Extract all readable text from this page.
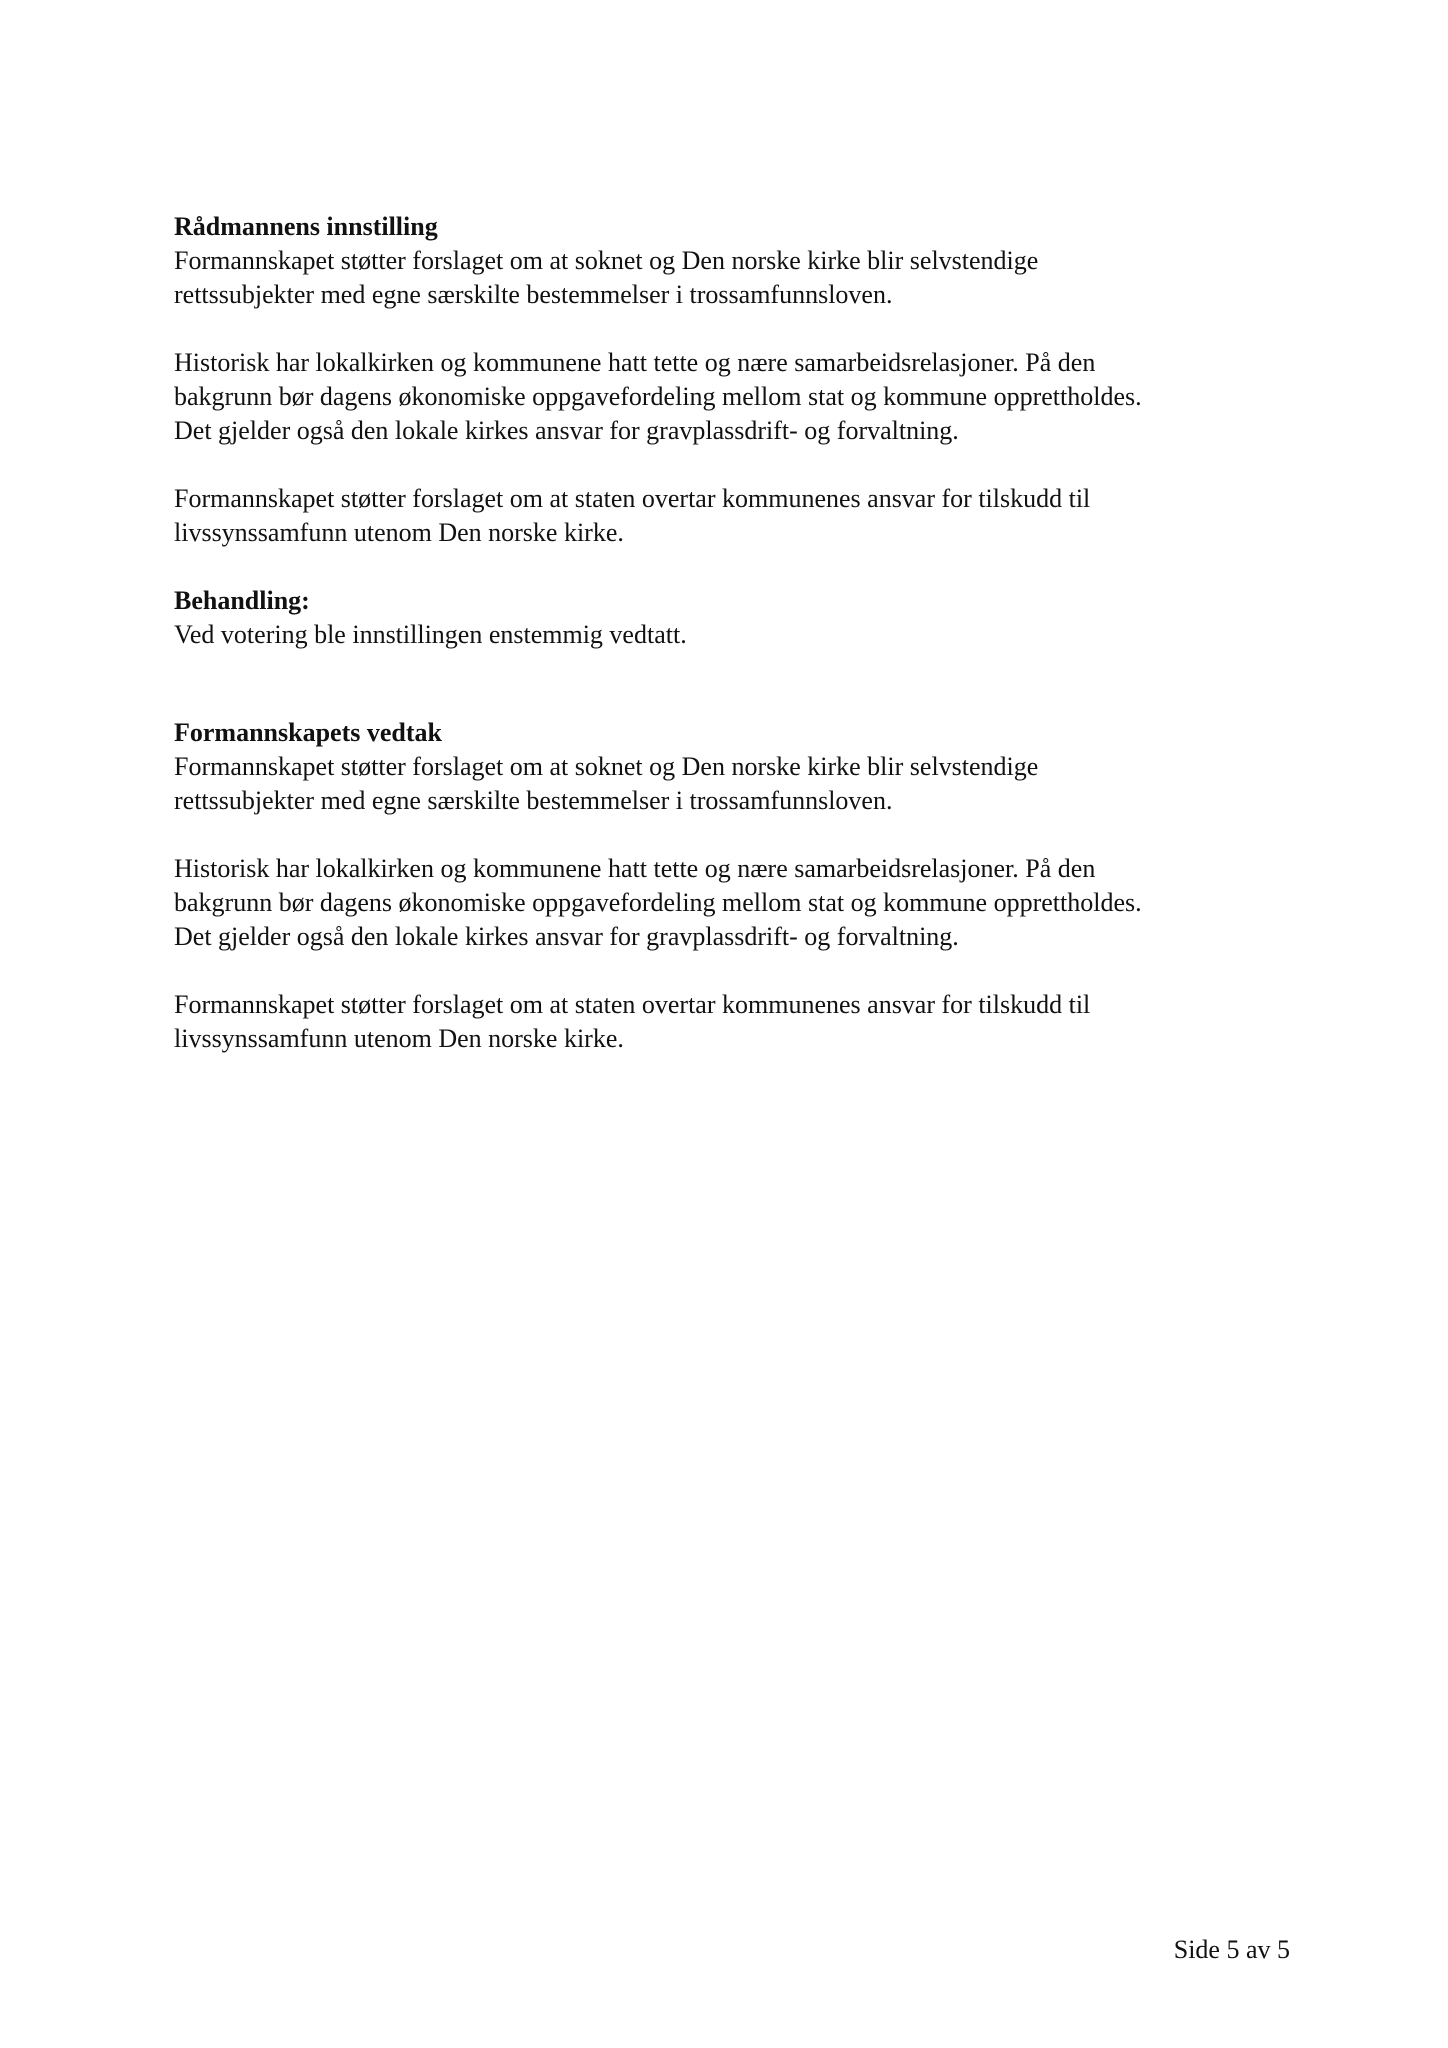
Rådmannens innstilling

Formannskapet støtter forslaget om at soknet og Den norske kirke blir selvstendige
rettssubjekter med egne særskilte bestemmelser i trossamfunnsloven.

Historisk har lokalkirken og kommunene hatt tette og nære samarbeidsrelasjoner. På den
bakgrunn bør dagens økonomiske oppgavefordeling mellom stat og kommune opprettholdes.
Det gjelder også den lokale kirkes ansvar for gravplassdrift- og forvaltning.

Formannskapet støtter forslaget om at staten overtar kommunenes ansvar for tilskudd til
livssynssamfunn utenom Den norske kirke.

Behandling:

Ved votering ble innstillingen enstemmig vedtatt.

Formannskapets vedtak

Formannskapet støtter forslaget om at soknet og Den norske kirke blir selvstendige
rettssubjekter med egne særskilte bestemmelser i trossamfunnsloven.

Historisk har lokalkirken og kommunene hatt tette og nære samarbeidsrelasjoner. På den
bakgrunn bør dagens økonomiske oppgavefordeling mellom stat og kommune opprettholdes.
Det gjelder også den lokale kirkes ansvar for gravplassdrift- og forvaltning.

Formannskapet støtter forslaget om at staten overtar kommunenes ansvar for tilskudd til
livssynssamfunn utenom Den norske kirke.

Side 5 av 5
